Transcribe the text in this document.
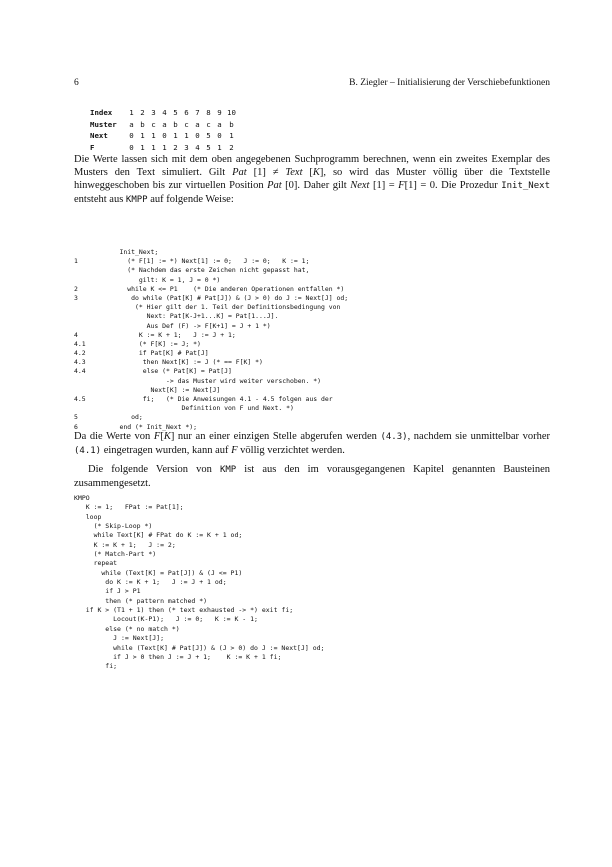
6	B. Ziegler – Initialisierung der Verschiebefunktionen
Index	1	2	3	4	5	6	7	8	9	10
Muster	a	b	c	a	b	c	a	c	a	b
Next	0	1	1	0	1	1	0	5	0	1
F	0	1	1	1	2	3	4	5	1	2
Die Werte lassen sich mit dem oben angegebenen Suchprogramm berechnen, wenn ein zweites Exemplar des Musters den Text simuliert. Gilt Pat [1] ≠ Text [K], so wird das Muster völlig über die Textstelle hinweggeschoben bis zur virtuellen Position Pat [0]. Daher gilt Next [1] = F[1] = 0. Die Prozedur Init_Next entsteht aus KMPP auf folgende Weise:
Init_Next;
1	(* F[1] := *) Next[1] := 0;   J := 0;   K := 1;
(* Nachdem das erste Zeichen nicht gepasst hat,
gilt: K = 1, J = 0 *)
2	while K <= P1    (* Die anderen Operationen entfallen *)
3	do while (Pat[K] # Pat[J]) & (J > 0) do J := Next[J] od;
(* Hier gilt der 1. Teil der Definitionsbedingung von
Next: Pat[K-J+1...K] = Pat[1...J].
Aus Def (F) -> F[K+1] = J + 1 *)
4	K := K + 1;   J := J + 1;
4.1	(* F[K] := J; *)
4.2	if Pat[K] # Pat[J]
4.3	then Next[K] := J (* == F[K] *)
4.4	else (* Pat[K] = Pat[J]
-> das Muster wird weiter verschoben. *)
Next[K] := Next[J]
4.5	fi;   (* Die Anweisungen 4.1 - 4.5 folgen aus der
Definition von F und Next. *)
5	od;
6	end (* Init_Next *);
Da die Werte von F[K] nur an einer einzigen Stelle abgerufen werden (4.3), nachdem sie unmittelbar vorher (4.1) eingetragen wurden, kann auf F völlig verzichtet werden.
Die folgende Version von KMP ist aus den im vorausgegangenen Kapitel genannten Bausteinen zusammengesetzt.
KMPO
K := 1;   FPat := Pat[1];
loop
(* Skip-Loop *)
while Text[K] # FPat do K := K + 1 od;
K := K + 1;   J := 2;
(* Match-Part *)
repeat
while (Text[K] = Pat[J]) & (J <= P1)
do K := K + 1;   J := J + 1 od;
if J > P1
then (* pattern matched *)
if K > (T1 + 1) then (* text exhausted -> *) exit fi;
Locout(K-P1);   J := 0;   K := K - 1;
else (* no match *)
J := Next[J];
while (Text[K] # Pat[J]) & (J > 0) do J := Next[J] od;
if J > 0 then J := J + 1;    K := K + 1 fi;
fi;
